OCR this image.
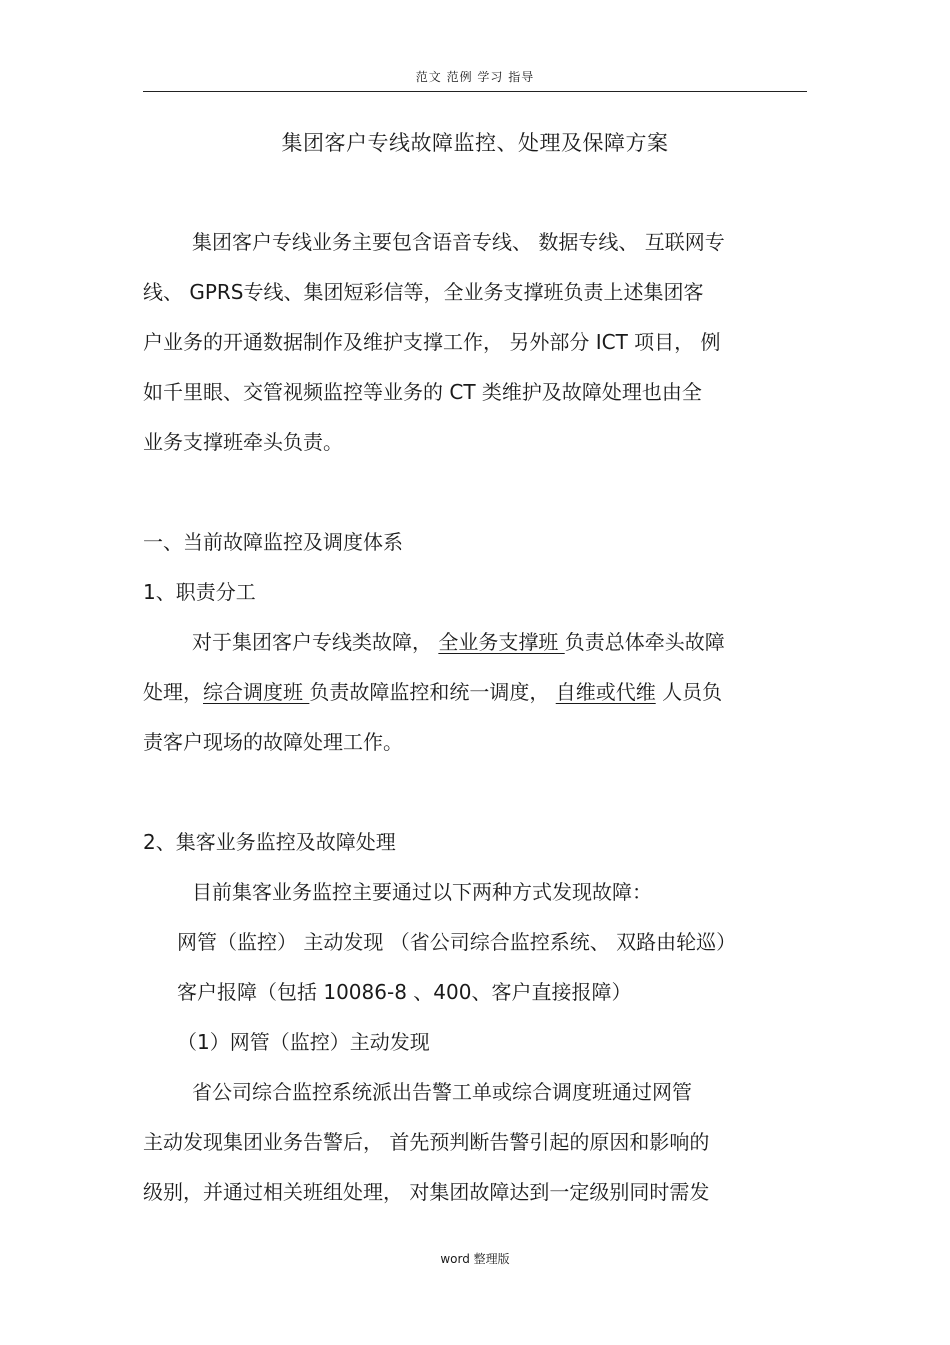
范文 范例 学习 指导
集团客户专线故障监控、处理及保障方案
集团客户专线业务主要包含语音专线、 数据专线、 互联网专
线、 GPRS专线、集团短彩信等，全业务支撑班负责上述集团客
户业务的开通数据制作及维护支撑工作， 另外部分 ICT 项目， 例
如千里眼、交管视频监控等业务的 CT 类维护及故障处理也由全
业务支撑班牵头负责。
一、当前故障监控及调度体系
1、职责分工
对于集团客户专线类故障， 全业务支撑班 负责总体牵头故障
处理，综合调度班 负责故障监控和统一调度， 自维或代维 人员负
责客户现场的故障处理工作。
2、集客业务监控及故障处理
目前集客业务监控主要通过以下两种方式发现故障：
网管（监控） 主动发现 （省公司综合监控系统、 双路由轮巡）
客户报障（包括 10086-8 、400、客户直接报障）
（1）网管（监控）主动发现
省公司综合监控系统派出告警工单或综合调度班通过网管
主动发现集团业务告警后， 首先预判断告警引起的原因和影响的
级别，并通过相关班组处理， 对集团故障达到一定级别同时需发
word 整理版
